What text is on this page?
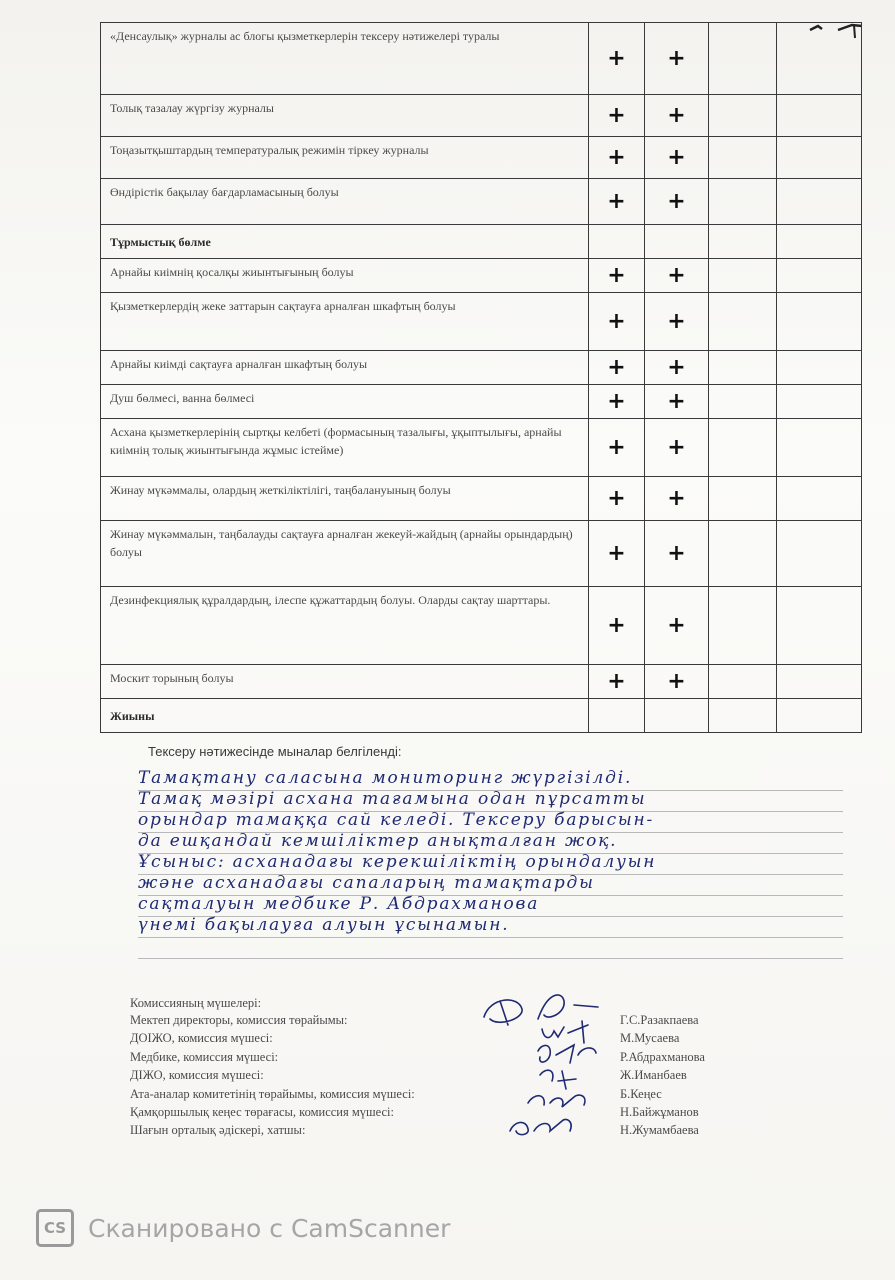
«Денсаулық» журналы ас блогы қызметкерлерін тексеру нәтижелері туралы	+	+		
Толық тазалау жүргізу журналы	+	+		
Тоңазытқыштардың температуралық режимін тіркеу журналы	+	+		
Өндірістік бақылау бағдарламасының болуы	+	+		
Тұрмыстық бөлме				
Арнайы киімнің қосалқы жиынтығының болуы	+	+		
Қызметкерлердің жеке заттарын сақтауға арналған шкафтың болуы	+	+		
Арнайы киімді сақтауға арналған шкафтың болуы	+	+		
Душ бөлмесі, ванна бөлмесі	+	+		
Асхана қызметкерлерінің сыртқы келбеті (формасының тазалығы, ұқыптылығы, арнайы киімнің толық жиынтығында жұмыс істейме)	+	+		
Жинау мүкәммалы, олардың жеткіліктілігі, таңбалануының болуы	+	+		
Жинау мүкәммалын, таңбалауды сақтауға арналған жекеуй-жайдың (арнайы орындардың) болуы	+	+		
Дезинфекциялық құралдардың, ілеспе құжаттардың болуы. Оларды сақтау шарттары.	+	+		
Москит торының болуы	+	+		
Жиыны				
Тексеру нәтижесінде мыналар белгіленді:
Тамақтану саласына мониторинг жүргізілді.
Тамақ мәзірі асхана тағамына одан пұрсатты
орындар тамаққа сай келеді. Тексеру барысын-
да ешқандай кемшіліктер анықталған жоқ.
Ұсыныс: асханадағы керекшіліктің орындалуын
және асханадағы сапаларың тамақтарды
сақталуын медбике Р. Абдрахманова
үнемі бақылауға алуын ұсынамын.
Комиссияның мүшелері:
Мектеп директоры, комиссия төрайымы:	Г.С.Разакпаева
ДОІЖО, комиссия мүшесі:	М.Мусаева
Медбике, комиссия мүшесі:	Р.Абдрахманова
ДІЖО, комиссия мүшесі:	Ж.Иманбаев
Ата-аналар комитетінің төрайымы, комиссия мүшесі:	Б.Кеңес
Қамқоршылық кеңес төрағасы, комиссия мүшесі:	Н.Байжұманов
Шағын орталық әдіскері, хатшы:	Н.Жумамбаева
CS Сканировано с CamScanner
